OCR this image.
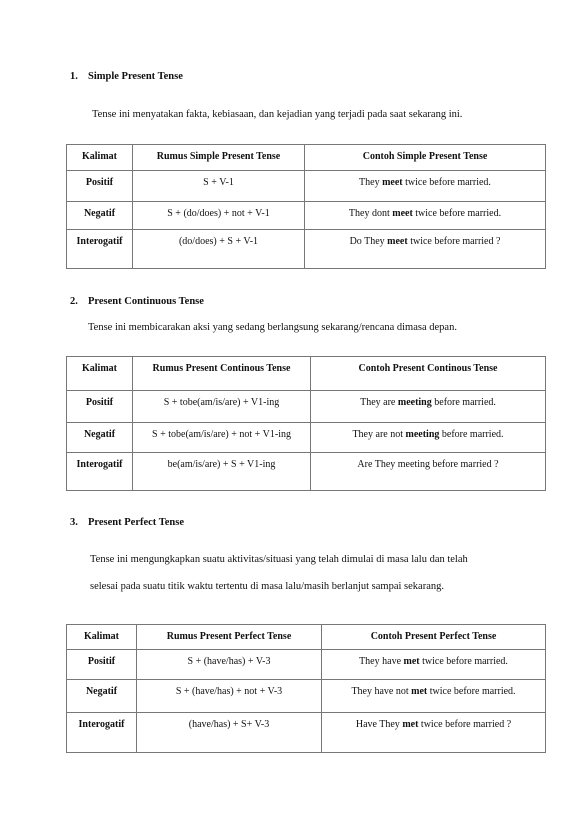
1. Simple Present Tense
Tense ini menyatakan fakta, kebiasaan, dan kejadian yang terjadi pada saat sekarang ini.
Kalimat	Rumus Simple Present Tense	Contoh Simple Present Tense
Positif	S + V-1	They meet twice before married.
Negatif	S + (do/does) + not + V-1	They dont meet twice before married.
Interogatif	(do/does) + S + V-1	Do They meet twice before married ?
2. Present Continuous Tense
Tense ini membicarakan aksi yang sedang berlangsung sekarang/rencana dimasa depan.
Kalimat	Rumus Present Continous Tense	Contoh Present Continous Tense
Positif	S + tobe(am/is/are) + V1-ing	They are meeting before married.
Negatif	S + tobe(am/is/are) + not + V1-ing	They are not meeting before married.
Interogatif	be(am/is/are) + S + V1-ing	Are They meeting before married ?
3. Present Perfect Tense
Tense ini mengungkapkan suatu aktivitas/situasi yang telah dimulai di masa lalu dan telah
selesai pada suatu titik waktu tertentu di masa lalu/masih berlanjut sampai sekarang.
Kalimat	Rumus Present Perfect Tense	Contoh Present Perfect Tense
Positif	S + (have/has) + V-3	They have met twice before married.
Negatif	S + (have/has) + not + V-3	They have not met twice before married.
Interogatif	(have/has) + S+ V-3	Have They met twice before married ?
